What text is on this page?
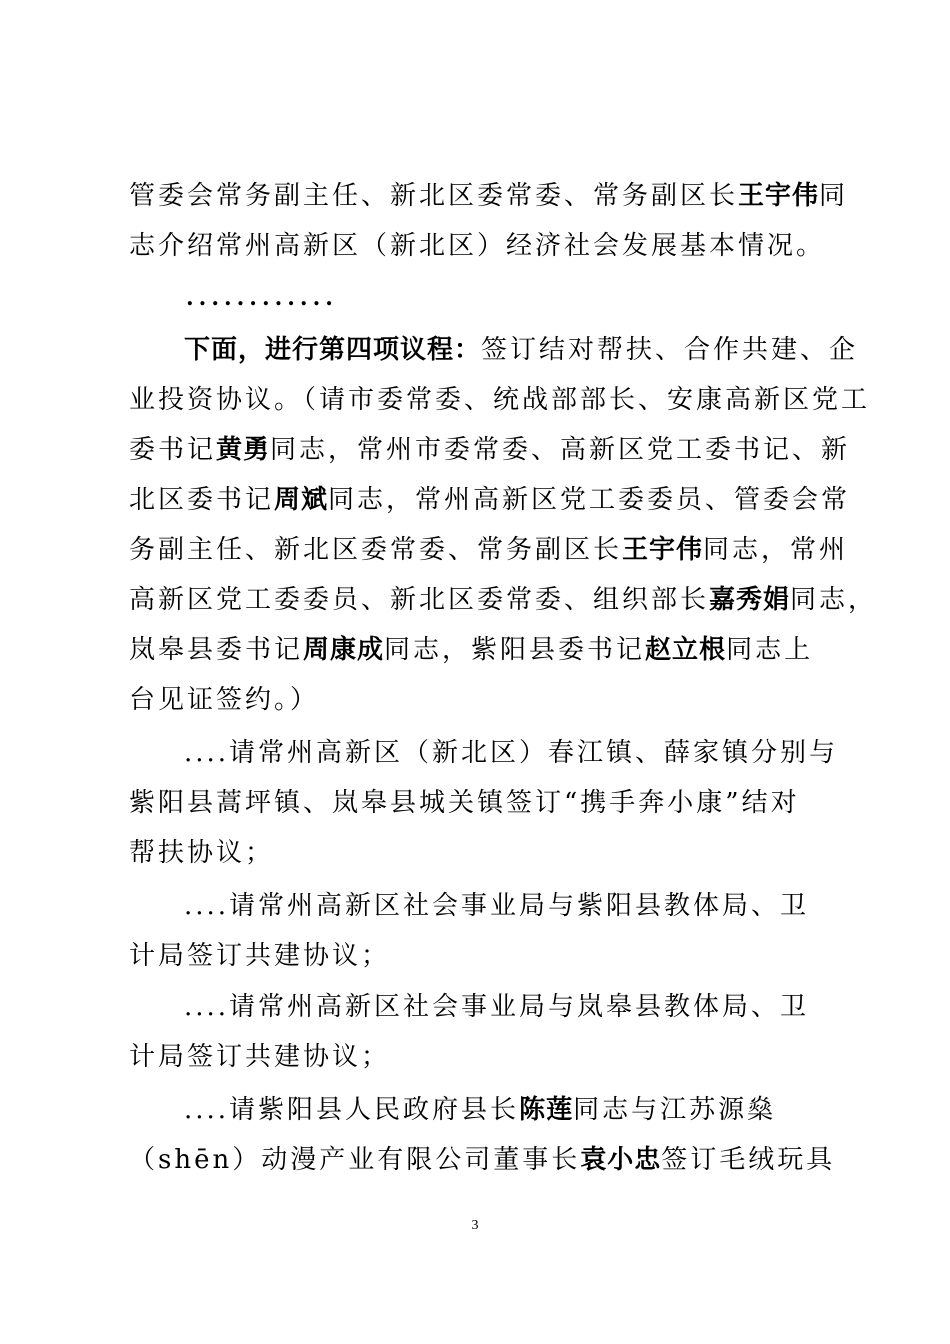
管委会常务副主任、新北区委常委、常务副区长王宇伟同
志介绍常州高新区（新北区）经济社会发展基本情况。
............
下面，进行第四项议程：签订结对帮扶、合作共建、企
业投资协议。（请市委常委、统战部部长、安康高新区党工
委书记黄勇同志，常州市委常委、高新区党工委书记、新
北区委书记周斌同志，常州高新区党工委委员、管委会常
务副主任、新北区委常委、常务副区长王宇伟同志，常州
高新区党工委委员、新北区委常委、组织部长嘉秀娟同志，
岚皋县委书记周康成同志，紫阳县委书记赵立根同志上
台见证签约。）
....请常州高新区（新北区）春江镇、薛家镇分别与
紫阳县蒿坪镇、岚皋县城关镇签订“携手奔小康”结对
帮扶协议；
....请常州高新区社会事业局与紫阳县教体局、卫
计局签订共建协议；
....请常州高新区社会事业局与岚皋县教体局、卫
计局签订共建协议；
....请紫阳县人民政府县长陈莲同志与江苏源燊
（shēn）动漫产业有限公司董事长袁小忠签订毛绒玩具
3
